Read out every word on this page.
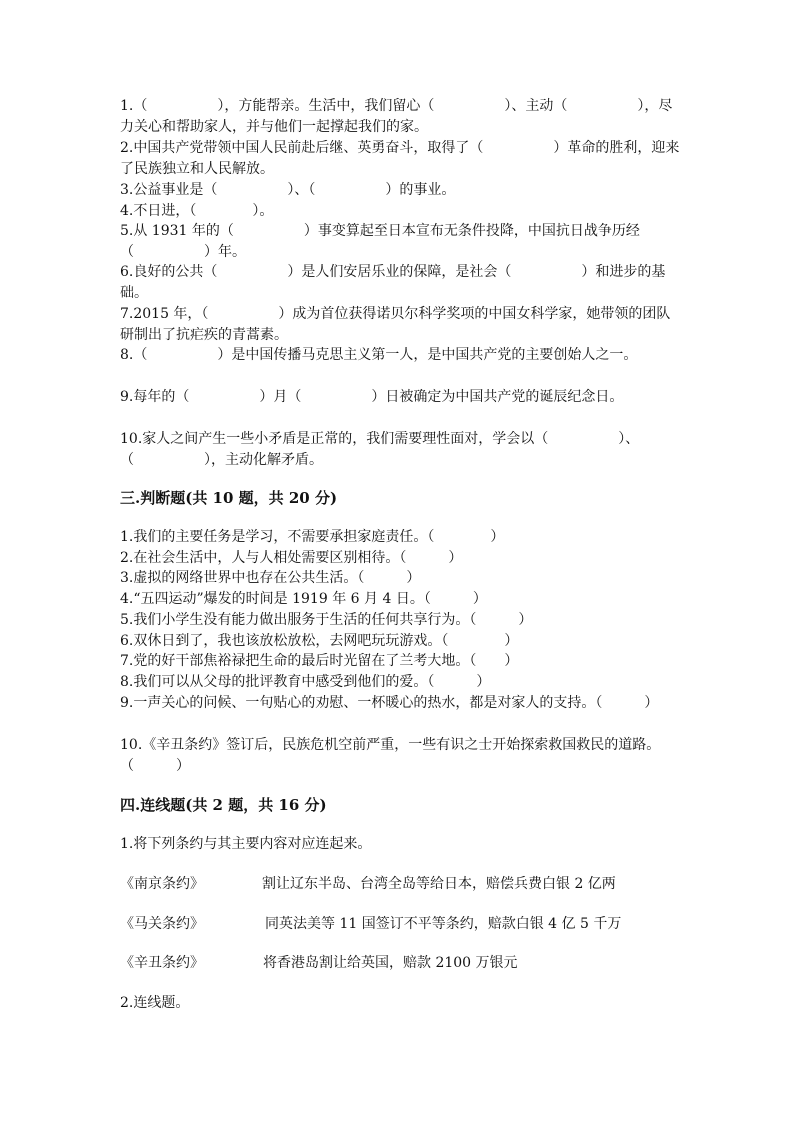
1.（　　　　　），方能帮亲。生活中，我们留心（　　　　　）、主动（　　　　　），尽力关心和帮助家人，并与他们一起撑起我们的家。
2.中国共产党带领中国人民前赴后继、英勇奋斗，取得了（　　　　　）革命的胜利，迎来了民族独立和人民解放。
3.公益事业是（　　　　　）、（　　　　　）的事业。
4.不日进，（　　　　）。
5.从 1931 年的（　　　　　）事变算起至日本宣布无条件投降，中国抗日战争历经（　　　　　）年。
6.良好的公共（　　　　　）是人们安居乐业的保障，是社会（　　　　　）和进步的基础。
7.2015 年，（　　　　　）成为首位获得诺贝尔科学奖项的中国女科学家，她带领的团队研制出了抗疟疾的青蒿素。
8.（　　　　　）是中国传播马克思主义第一人，是中国共产党的主要创始人之一。
9.每年的（　　　　　）月（　　　　　）日被确定为中国共产党的诞辰纪念日。
10.家人之间产生一些小矛盾是正常的，我们需要理性面对，学会以（　　　　　）、（　　　　　），主动化解矛盾。
三.判断题(共 10 题，共 20 分)
1.我们的主要任务是学习，不需要承担家庭责任。（　　　　）
2.在社会生活中，人与人相处需要区别相待。（　　　）
3.虚拟的网络世界中也存在公共生活。（　　　）
4.“五四运动”爆发的时间是 1919 年 6 月 4 日。（　　　）
5.我们小学生没有能力做出服务于生活的任何共享行为。（　　　）
6.双休日到了，我也该放松放松，去网吧玩玩游戏。（　　　　）
7.党的好干部焦裕禄把生命的最后时光留在了兰考大地。（　　）
8.我们可以从父母的批评教育中感受到他们的爱。（　　　）
9.一声关心的问候、一句贴心的劝慰、一杯暖心的热水，都是对家人的支持。（　　　）
10.《辛丑条约》签订后，民族危机空前严重，一些有识之士开始探索救国救民的道路。（　　　）
四.连线题(共 2 题，共 16 分)
1.将下列条约与其主要内容对应连起来。
《南京条约》	割让辽东半岛、台湾全岛等给日本，赔偿兵费白银 2 亿两
《马关条约》	同英法美等 11 国签订不平等条约，赔款白银 4 亿 5 千万
《辛丑条约》	将香港岛割让给英国，赔款 2100 万银元
2.连线题。
